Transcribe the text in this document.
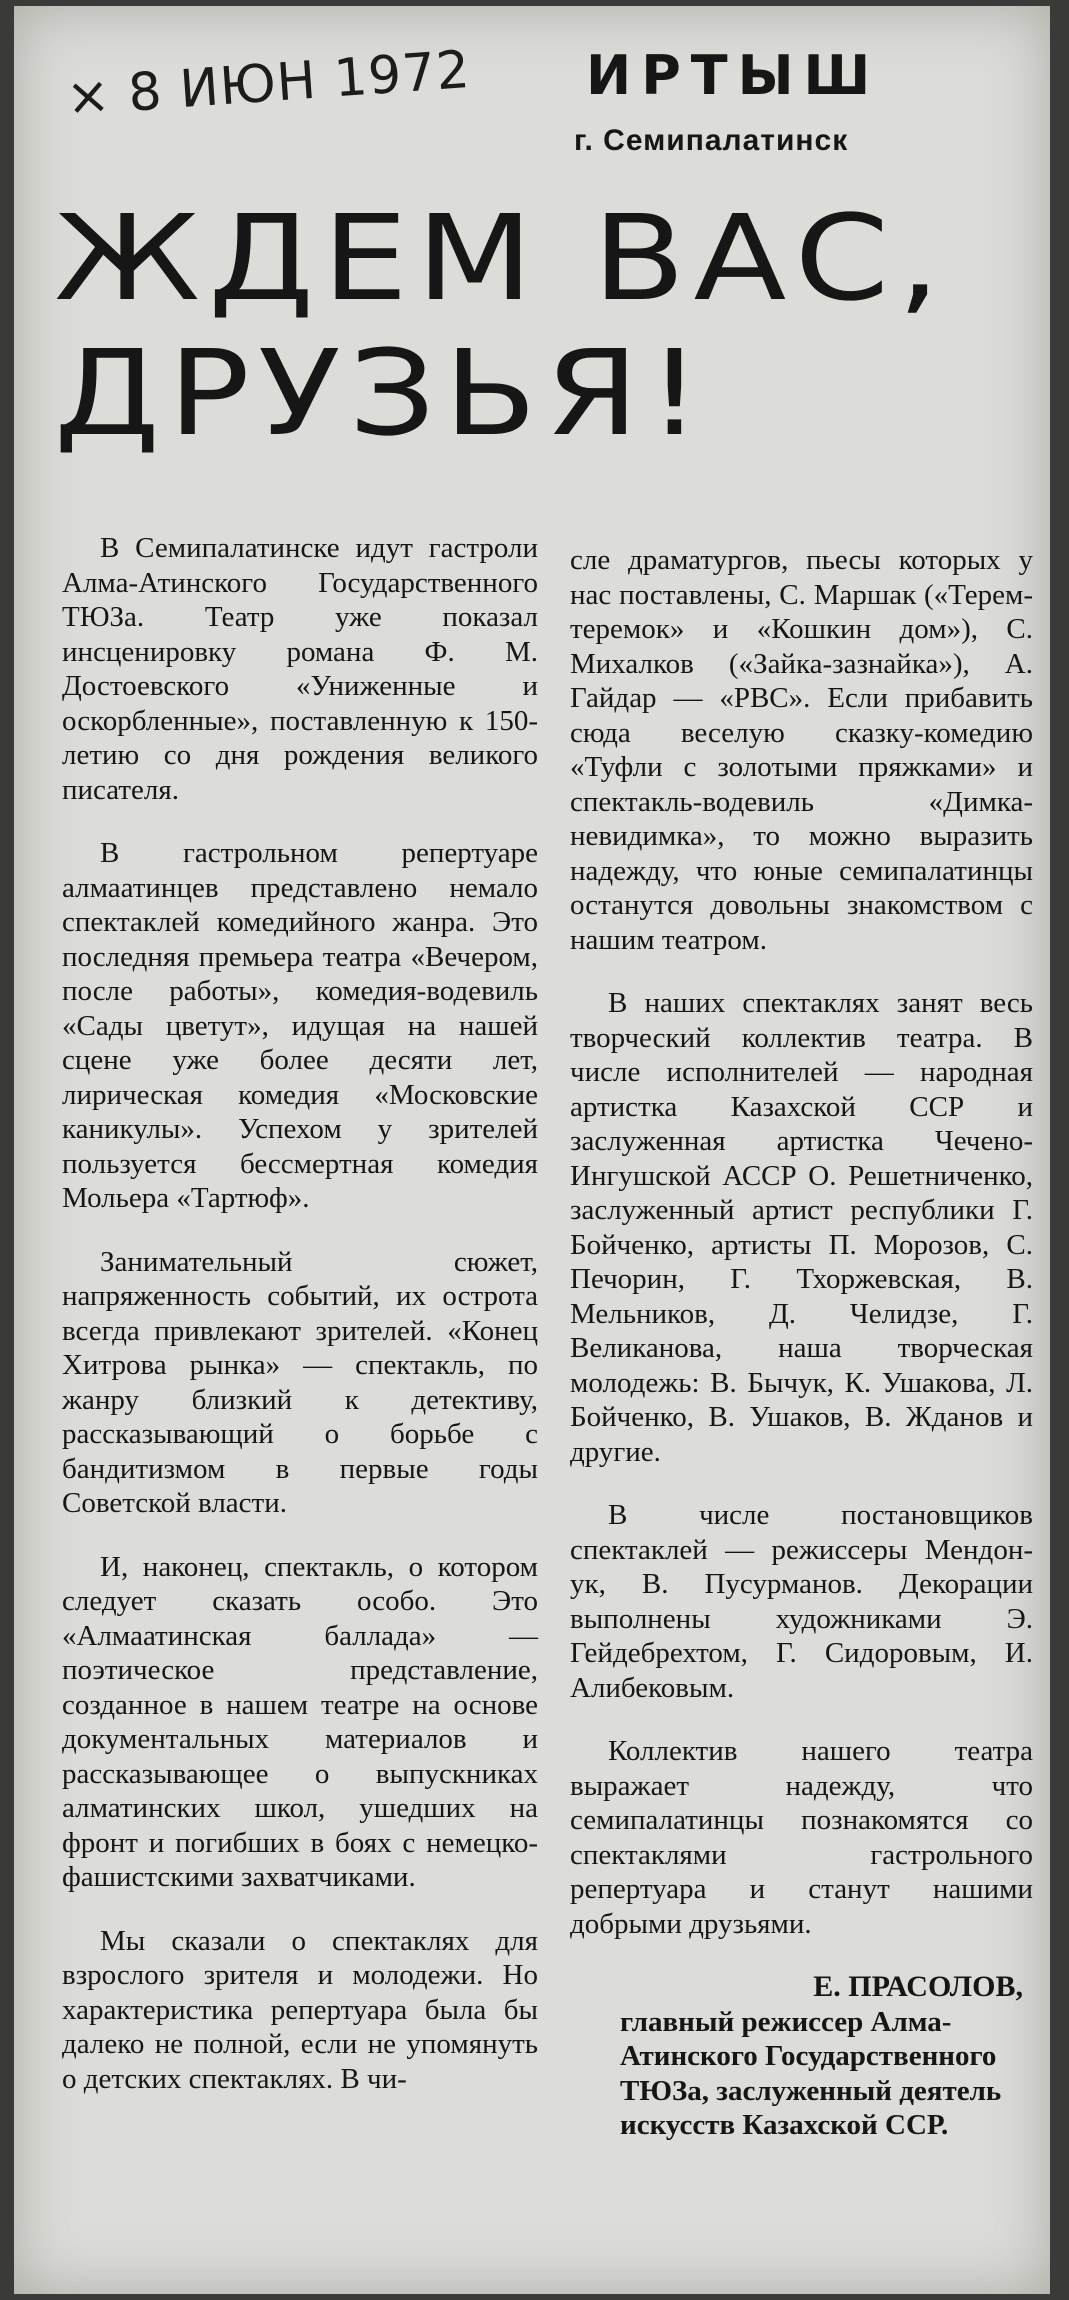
× 8 ИЮН 1972 ИРТЫШ
г. Семипалатинск
ЖДЕМ ВАС,
ДРУЗЬЯ!

В Семипалатинске идут гастроли Алма-Атинского Государственного ТЮЗа. Театр уже показал инсценировку романа Ф. М. Достоевского «Униженные и оскорбленные», поставленную к 150-летию со дня рождения великого писателя.

В гастрольном репертуаре алмаатинцев представлено немало спектаклей комедийного жанра. Это последняя премьера театра «Вечером, после работы», комедия-водевиль «Сады цветут», идущая на нашей сцене уже более десяти лет, лирическая комедия «Московские каникулы». Успехом у зрителей пользуется бессмертная комедия Мольера «Тартюф».

Занимательный сюжет, напряженность событий, их острота всегда привлекают зрителей. «Конец Хитрова рынка» — спектакль, по жанру близкий к детективу, рассказывающий о борьбе с бандитизмом в первые годы Советской власти.

И, наконец, спектакль, о котором следует сказать особо. Это «Алмаатинская баллада» — поэтическое представление, созданное в нашем театре на основе документальных материалов и рассказывающее о выпускниках алматинских школ, ушедших на фронт и погибших в боях с немецко-фашистскими захватчиками.

Мы сказали о спектаклях для взрослого зрителя и молодежи. Но характеристика репертуара была бы далеко не полной, если не упомянуть о детских спектаклях. В чи-

сле драматургов, пьесы которых у нас поставлены, С. Маршак («Терем-теремок» и «Кошкин дом»), С. Михалков («Зайка-зазнайка»), А. Гайдар — «РВС». Если прибавить сюда веселую сказку-комедию «Туфли с золотыми пряжками» и спектакль-водевиль «Димка-невидимка», то можно выразить надежду, что юные семипалатинцы останутся довольны знакомством с нашим театром.

В наших спектаклях занят весь творческий коллектив театра. В числе исполнителей — народная артистка Казахской ССР и заслуженная артистка Чечено-Ингушской АССР О. Решетниченко, заслуженный артист республики Г. Бойченко, артисты П. Морозов, С. Печорин, Г. Тхоржевская, В. Мельников, Д. Челидзе, Г. Великанова, наша творческая молодежь: В. Бычук, К. Ушакова, Л. Бойченко, В. Ушаков, В. Жданов и другие.

В числе постановщиков спектаклей — режиссеры Мендон-ук, В. Пусурманов. Декорации выполнены художниками Э. Гейдебрехтом, Г. Сидоровым, И. Алибековым.

Коллектив нашего театра выражает надежду, что семипалатинцы познакомятся со спектаклями гастрольного репертуара и станут нашими добрыми друзьями.

Е. ПРАСОЛОВ,
главный режиссер Алма-Атинского Государственного ТЮЗа, заслуженный деятель искусств Казахской ССР.
